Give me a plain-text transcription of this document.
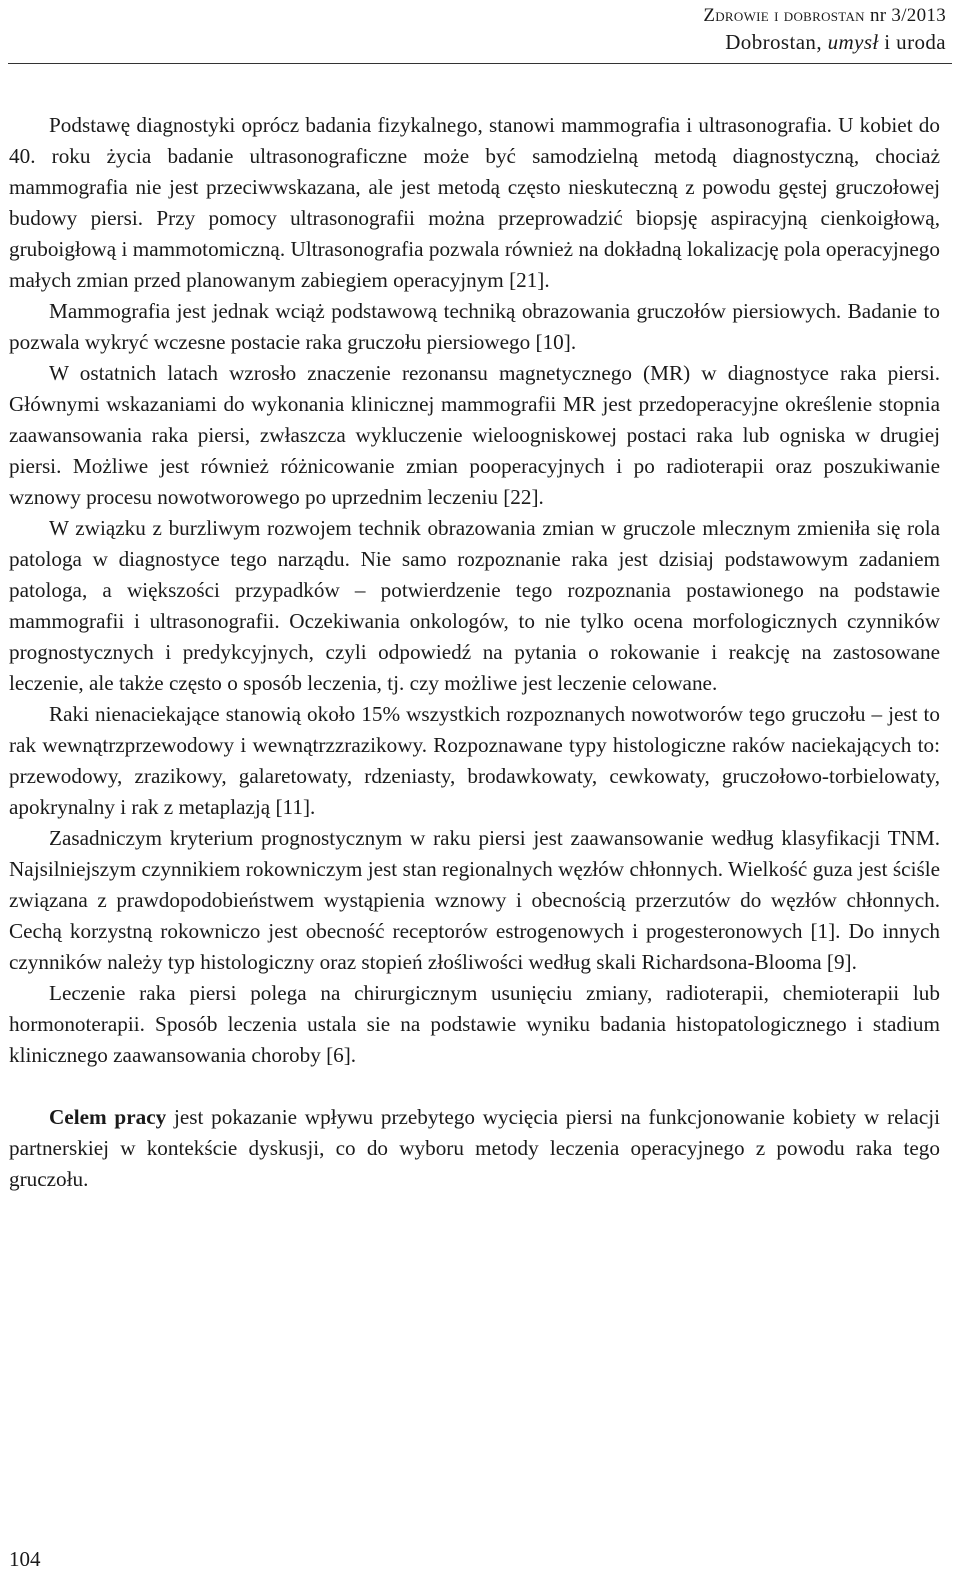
Zdrowie i dobrostan nr 3/2013
Dobrostan, umysł i uroda

Podstawę diagnostyki oprócz badania fizykalnego, stanowi mammografia i ultrasonografia. U kobiet do 40. roku życia badanie ultrasonograficzne może być samodzielną metodą diagnostyczną, chociaż mammografia nie jest przeciwwskazana, ale jest metodą często nieskuteczną z powodu gęstej gruczołowej budowy piersi. Przy pomocy ultrasonografii można przeprowadzić biopsję aspiracyjną cienkoigłową, gruboigłową i mammotomiczną. Ultrasonografia pozwala również na dokładną lokalizację pola operacyjnego małych zmian przed planowanym zabiegiem operacyjnym [21].

Mammografia jest jednak wciąż podstawową techniką obrazowania gruczołów piersiowych. Badanie to pozwala wykryć wczesne postacie raka gruczołu piersiowego [10].

W ostatnich latach wzrosło znaczenie rezonansu magnetycznego (MR) w diagnostyce raka piersi. Głównymi wskazaniami do wykonania klinicznej mammografii MR jest przedoperacyjne określenie stopnia zaawansowania raka piersi, zwłaszcza wykluczenie wieloogniskowej postaci raka lub ogniska w drugiej piersi. Możliwe jest również różnicowanie zmian pooperacyjnych i po radioterapii oraz poszukiwanie wznowy procesu nowotworowego po uprzednim leczeniu [22].

W związku z burzliwym rozwojem technik obrazowania zmian w gruczole mlecznym zmieniła się rola patologa w diagnostyce tego narządu. Nie samo rozpoznanie raka jest dzisiaj podstawowym zadaniem patologa, a większości przypadków – potwierdzenie tego rozpoznania postawionego na podstawie mammografii i ultrasonografii. Oczekiwania onkologów, to nie tylko ocena morfologicznych czynników prognostycznych i predykcyjnych, czyli odpowiedź na pytania o rokowanie i reakcję na zastosowane leczenie, ale także często o sposób leczenia, tj. czy możliwe jest leczenie celowane.

Raki nienaciekające stanowią około 15% wszystkich rozpoznanych nowotworów tego gruczołu – jest to rak wewnątrzprzewodowy i wewnątrzzrazikowy. Rozpoznawane typy histologiczne raków naciekających to: przewodowy, zrazikowy, galaretowaty, rdzeniasty, brodawkowaty, cewkowaty, gruczołowo-torbielowaty, apokrynalny i rak z metaplazją [11].

Zasadniczym kryterium prognostycznym w raku piersi jest zaawansowanie według klasyfikacji TNM. Najsilniejszym czynnikiem rokowniczym jest stan regionalnych węzłów chłonnych. Wielkość guza jest ściśle związana z prawdopodobieństwem wystąpienia wznowy i obecnością przerzutów do węzłów chłonnych. Cechą korzystną rokowniczo jest obecność receptorów estrogenowych i progesteronowych [1]. Do innych czynników należy typ histologiczny oraz stopień złośliwości według skali Richardsona-Blooma [9].

Leczenie raka piersi polega na chirurgicznym usunięciu zmiany, radioterapii, chemioterapii lub hormonoterapii. Sposób leczenia ustala sie na podstawie wyniku badania histopatologicznego i stadium klinicznego zaawansowania choroby [6].

Celem pracy jest pokazanie wpływu przebytego wycięcia piersi na funkcjonowanie kobiety w relacji partnerskiej w kontekście dyskusji, co do wyboru metody leczenia operacyjnego z powodu raka tego gruczołu.

104
